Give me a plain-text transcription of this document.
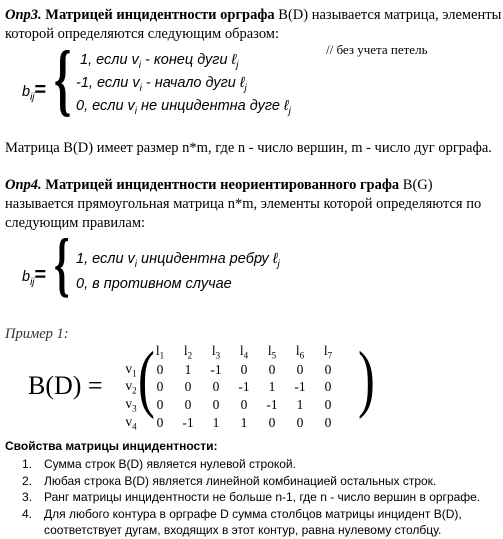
Опр3. Матрицей инцидентности орграфа B(D) называется матрица, элементы
которой определяются следующим образом:
// без учета петель
$b_{ij}=$ { 1, если $v_i$ - конец дуги ℓ$_j$
-1, если $v_i$ - начало дуги ℓ$_j$
0, если $v_i$ не инцидентна дуге ℓ$_j$
Матрица B(D) имеет размер n*m, где n - число вершин, m - число дуг орграфа.
Опр4. Матрицей инцидентности неориентированного графа B(G)
называется прямоугольная матрица n*m, элементы которой определяются по
следующим правилам:
$b_{ij}=$ { 1, если $v_i$ инцидентна ребру ℓ$_j$
0, в противном случае
Пример 1:
B(D) = (	)
	$l_1$	$l_2$	$l_3$	$l_4$	$l_5$	$l_6$	$l_7$
$v_1$	0	1	-1	0	0	0	0
$v_2$	0	0	0	-1	1	-1	0
$v_3$	0	0	0	0	-1	1	0
$v_4$	0	-1	1	1	0	0	0
Свойства матрицы инцидентности:
1. Сумма строк B(D) является нулевой строкой.
2. Любая строка B(D) является линейной комбинацией остальных строк.
3. Ранг матрицы инцидентности не больше n-1, где n - число вершин в орграфе.
4. Для любого контура в орграфе D сумма столбцов матрицы инцидент B(D),
соответствует дугам, входящих в этот контур, равна нулевому столбцу.
